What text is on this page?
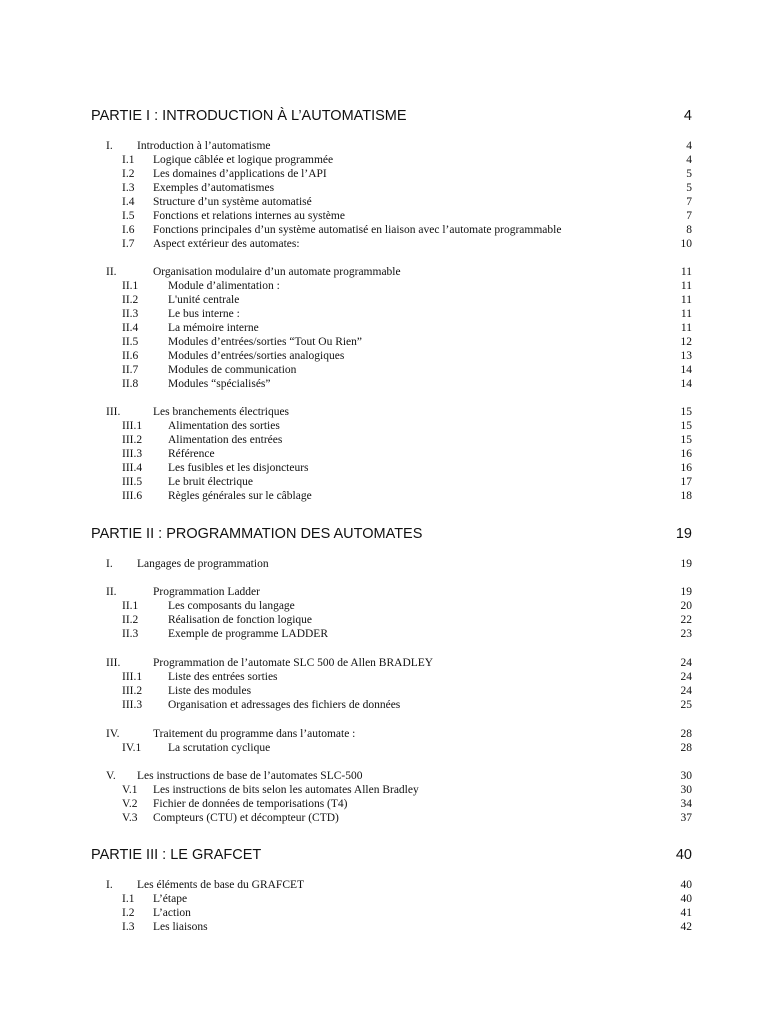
PARTIE I : INTRODUCTION À L’AUTOMATISME	4
I. Introduction à l’automatisme	4
I.1 Logique câblée et logique programmée	4
I.2 Les domaines d’applications de l’API	5
I.3 Exemples d’automatismes	5
I.4 Structure d’un système automatisé	7
I.5 Fonctions et relations internes au système	7
I.6 Fonctions principales d’un système automatisé en liaison avec l’automate programmable	8
I.7 Aspect extérieur des automates:	10
II.	Organisation modulaire d’un automate programmable	11
II.1	Module d’alimentation :	11
II.2	L'unité centrale	11
II.3	Le bus interne :	11
II.4	La mémoire interne	11
II.5	Modules d’entrées/sorties “Tout Ou Rien”	12
II.6	Modules d’entrées/sorties analogiques	13
II.7	Modules de communication	14
II.8	Modules “spécialisés”	14
III.	Les branchements électriques	15
III.1 Alimentation des sorties	15
III.2 Alimentation des entrées	15
III.3 Référence	16
III.4 Les fusibles et les disjoncteurs	16
III.5 Le bruit électrique	17
III.6 Règles générales sur le câblage	18
PARTIE II : PROGRAMMATION DES AUTOMATES	19
I. Langages de programmation	19
II.	Programmation Ladder	19
II.1	Les composants du langage	20
II.2	Réalisation de fonction logique	22
II.3	Exemple de programme LADDER	23
III.	Programmation de l’automate SLC 500 de Allen BRADLEY	24
III.1 Liste des entrées sorties	24
III.2 Liste des modules	24
III.3 Organisation et adressages des fichiers de données	25
IV.	Traitement du programme dans l’automate :	28
IV.1 La scrutation cyclique	28
V. Les instructions de base de l’automates SLC-500	30
V.1 Les instructions de bits selon les automates Allen Bradley	30
V.2 Fichier de données de temporisations (T4)	34
V.3 Compteurs (CTU) et décompteur (CTD)	37
PARTIE III : LE GRAFCET	40
I. Les éléments de base du GRAFCET	40
I.1 L’étape	40
I.2 L’action	41
I.3 Les liaisons	42
